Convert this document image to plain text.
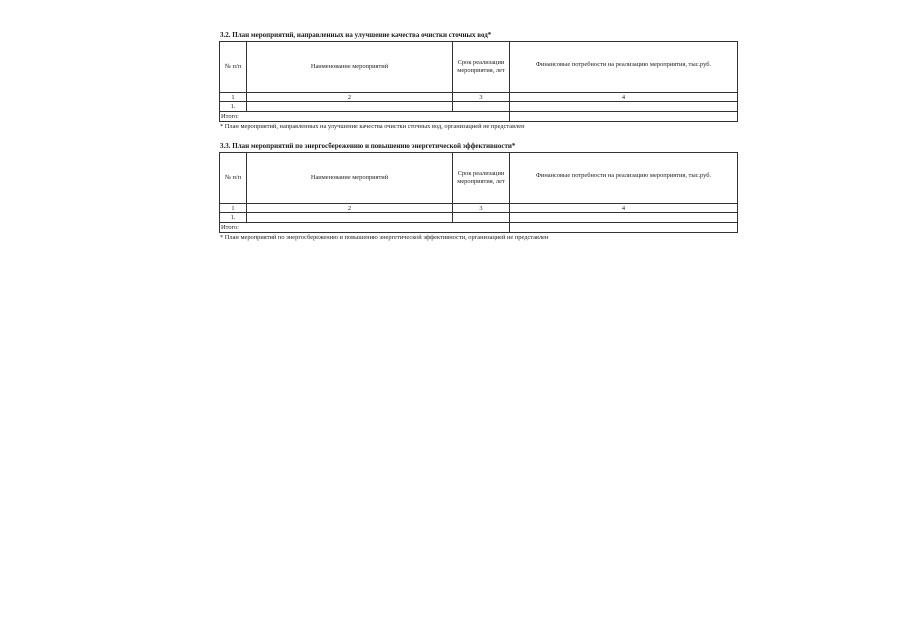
3.2. План мероприятий, направленных на улучшение качества очистки сточных вод*
№ п/п	Наименование мероприятий	Срок реализации мероприятия, лет	Финансовые потребности на реализацию мероприятия, тыс.руб.
1	2	3	4
1.			
Итого:			
* План мероприятий, направленных на улучшение качества очистки сточных вод, организацией не представлен
3.3. План мероприятий по энергосбережению и повышению энергетической эффективности*
№ п/п	Наименование мероприятий	Срок реализации мероприятия, лет	Финансовые потребности на реализацию мероприятия, тыс.руб.
1	2	3	4
1.			
Итого:			
* План мероприятий по энергосбережению и повышению энергетической эффективности, организацией не представлен
